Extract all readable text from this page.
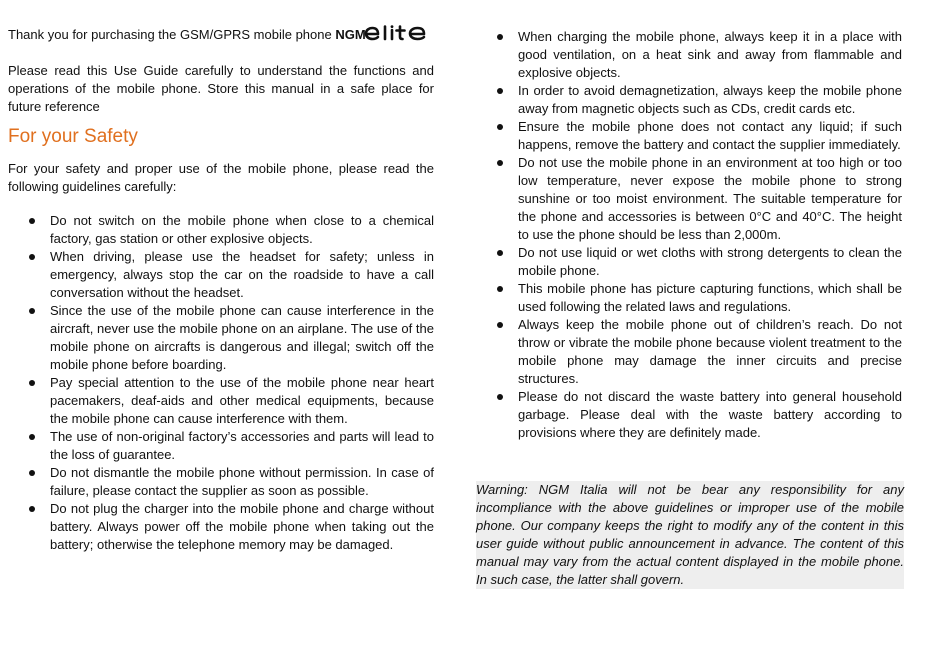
Thank you for purchasing the GSM/GPRS mobile phone NGM
Please read this Use Guide carefully to understand the functions and operations of the mobile phone. Store this manual in a safe place for future reference
For your Safety
For your safety and proper use of the mobile phone, please read the following guidelines carefully:
Do not switch on the mobile phone when close to a chemical factory, gas station or other explosive objects.
When driving, please use the headset for safety; unless in emergency, always stop the car on the roadside to have a call conversation without the headset.
Since the use of the mobile phone can cause interference in the aircraft, never use the mobile phone on an airplane. The use of the mobile phone on aircrafts is dangerous and illegal; switch off the mobile phone before boarding.
Pay special attention to the use of the mobile phone near heart pacemakers, deaf-aids and other medical equipments, because the mobile phone can cause interference with them.
The use of non-original factory’s accessories and parts will lead to the loss of guarantee.
Do not dismantle the mobile phone without permission. In case of failure, please contact the supplier as soon as possible.
Do not plug the charger into the mobile phone and charge without battery. Always power off the mobile phone when taking out the battery; otherwise the telephone memory may be damaged.
When charging the mobile phone, always keep it in a place with good ventilation, on a heat sink and away from flammable and explosive objects.
In order to avoid demagnetization, always keep the mobile phone away from magnetic objects such as CDs, credit cards etc.
Ensure the mobile phone does not contact any liquid; if such happens, remove the battery and contact the supplier immediately.
Do not use the mobile phone in an environment at too high or too low temperature, never expose the mobile phone to strong sunshine or too moist environment. The suitable temperature for the phone and accessories is between 0°C and 40°C. The height to use the phone should be less than 2,000m.
Do not use liquid or wet cloths with strong detergents to clean the mobile phone.
This mobile phone has picture capturing functions, which shall be used following the related laws and regulations.
Always keep the mobile phone out of children’s reach. Do not throw or vibrate the mobile phone because violent treatment to the mobile phone may damage the inner circuits and precise structures.
Please do not discard the waste battery into general household garbage. Please deal with the waste battery according to provisions where they are definitely made.
Warning: NGM Italia will not be bear any responsibility for any incompliance with the above guidelines or improper use of the mobile phone. Our company keeps the right to modify any of the content in this user guide without public announcement in advance. The content of this manual may vary from the actual content displayed in the mobile phone. In such case, the latter shall govern.
